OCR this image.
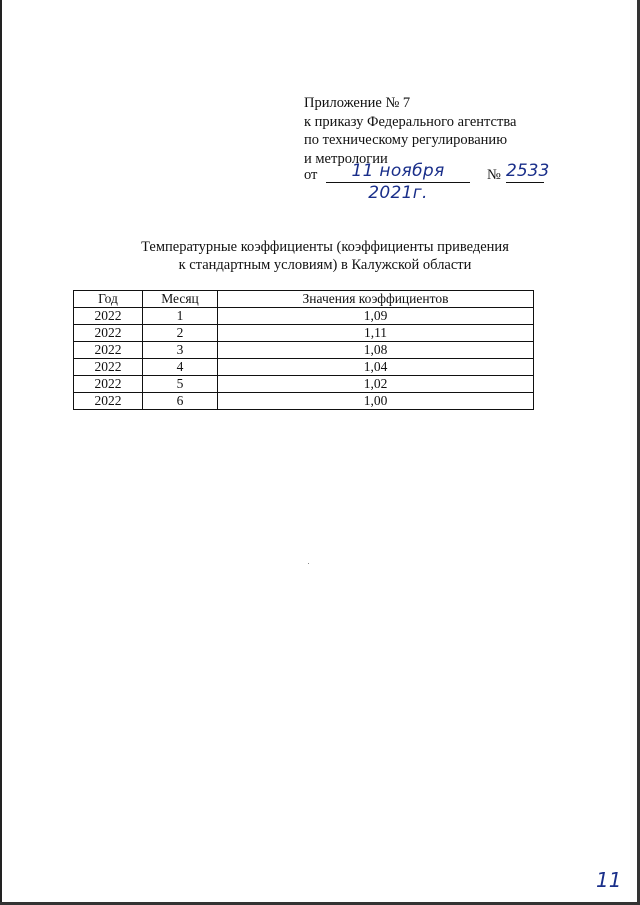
Приложение № 7
к приказу Федерального агентства
по техническому регулированию
и метрологии
от	11 ноября 2021г.
№ 2533
Температурные коэффициенты (коэффициенты приведения
к стандартным условиям) в Калужской области
Год	Месяц	Значения коэффициентов
2022	1	1,09
2022	2	1,11
2022	3	1,08
2022	4	1,04
2022	5	1,02
2022	6	1,00
11
